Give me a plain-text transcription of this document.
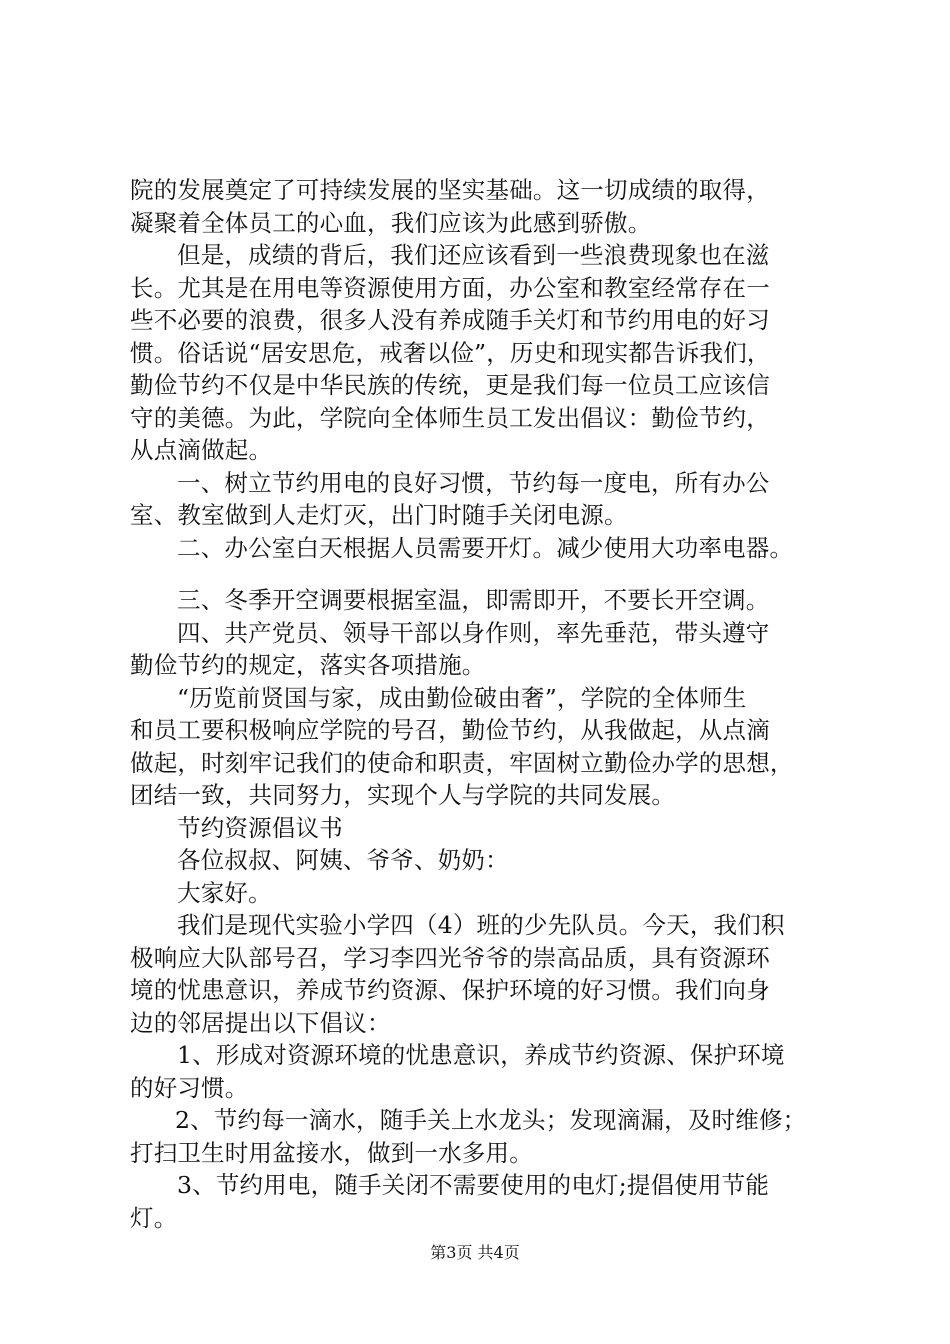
院的发展奠定了可持续发展的坚实基础。这一切成绩的取得，
凝聚着全体员工的心血，我们应该为此感到骄傲。
但是，成绩的背后，我们还应该看到一些浪费现象也在滋
长。尤其是在用电等资源使用方面，办公室和教室经常存在一
些不必要的浪费，很多人没有养成随手关灯和节约用电的好习
惯。俗话说“居安思危，戒奢以俭”，历史和现实都告诉我们，
勤俭节约不仅是中华民族的传统，更是我们每一位员工应该信
守的美德。为此，学院向全体师生员工发出倡议：勤俭节约，
从点滴做起。
一、树立节约用电的良好习惯，节约每一度电，所有办公
室、教室做到人走灯灭，出门时随手关闭电源。
二、办公室白天根据人员需要开灯。减少使用大功率电器。
三、冬季开空调要根据室温，即需即开，不要长开空调。
四、共产党员、领导干部以身作则，率先垂范，带头遵守
勤俭节约的规定，落实各项措施。
“历览前贤国与家，成由勤俭破由奢”，学院的全体师生
和员工要积极响应学院的号召，勤俭节约，从我做起，从点滴
做起，时刻牢记我们的使命和职责，牢固树立勤俭办学的思想，
团结一致，共同努力，实现个人与学院的共同发展。
节约资源倡议书
各位叔叔、阿姨、爷爷、奶奶：
大家好。
我们是现代实验小学四（4）班的少先队员。今天，我们积
极响应大队部号召，学习李四光爷爷的崇高品质，具有资源环
境的忧患意识，养成节约资源、保护环境的好习惯。我们向身
边的邻居提出以下倡议：
1、形成对资源环境的忧患意识，养成节约资源、保护环境
的好习惯。
2、节约每一滴水，随手关上水龙头；发现滴漏，及时维修；
打扫卫生时用盆接水，做到一水多用。
3、节约用电，随手关闭不需要使用的电灯;提倡使用节能
灯。
第3页 共4页
